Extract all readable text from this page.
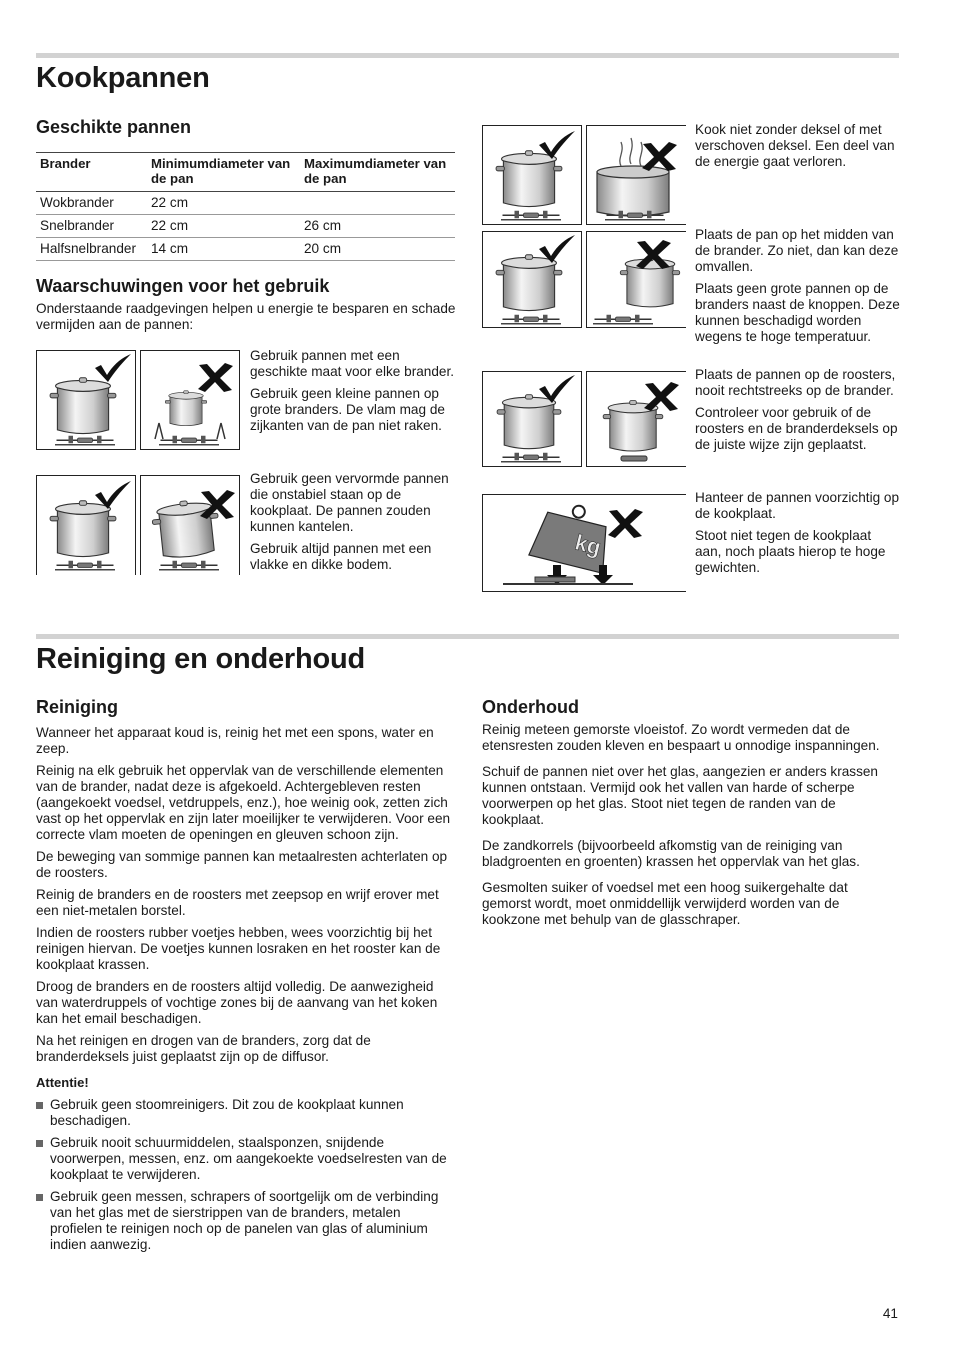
Kookpannen
Geschikte pannen
Brander	Minimumdiameter van de pan	Maximumdiameter van de pan
Wokbrander	22 cm	
Snelbrander	22 cm	26 cm
Halfsnelbrander	14 cm	20 cm
Waarschuwingen voor het gebruik

Onderstaande raadgevingen helpen u energie te besparen en schade vermijden aan de pannen:

Gebruik pannen met een geschikte maat voor elke brander.

Gebruik geen kleine pannen op grote branders. De vlam mag de zijkanten van de pan niet raken.

Gebruik geen vervormde pannen die onstabiel staan op de kookplaat. De pannen zouden kunnen kantelen.

Gebruik altijd pannen met een vlakke en dikke bodem.

Kook niet zonder deksel of met verschoven deksel. Een deel van de energie gaat verloren.

Plaats de pan op het midden van de brander. Zo niet, dan kan deze omvallen.

Plaats geen grote pannen op de branders naast de knoppen. Deze kunnen beschadigd worden wegens te hoge temperatuur.

Plaats de pannen op de roosters, nooit rechtstreeks op de brander.

Controleer voor gebruik of de roosters en de branderdeksels op de juiste wijze zijn geplaatst.

kg

Hanteer de pannen voorzichtig op de kookplaat.

Stoot niet tegen de kookplaat aan, noch plaats hierop te hoge gewichten.

Reiniging en onderhoud
Reiniging

Wanneer het apparaat koud is, reinig het met een spons, water en zeep.

Reinig na elk gebruik het oppervlak van de verschillende elementen van de brander, nadat deze is afgekoeld. Achtergebleven resten (aangekoekt voedsel, vetdruppels, enz.), hoe weinig ook, zetten zich vast op het oppervlak en zijn later moeilijker te verwijderen. Voor een correcte vlam moeten de openingen en gleuven schoon zijn.

De beweging van sommige pannen kan metaalresten achterlaten op de roosters.

Reinig de branders en de roosters met zeepsop en wrijf erover met een niet-metalen borstel.

Indien de roosters rubber voetjes hebben, wees voorzichtig bij het reinigen hiervan. De voetjes kunnen losraken en het rooster kan de kookplaat krassen.

Droog de branders en de roosters altijd volledig. De aanwezigheid van waterdruppels of vochtige zones bij de aanvang van het koken kan het email beschadigen.

Na het reinigen en drogen van de branders, zorg dat de branderdeksels juist geplaatst zijn op de diffusor.

Attentie!
Gebruik geen stoomreinigers. Dit zou de kookplaat kunnen beschadigen.
Gebruik nooit schuurmiddelen, staalsponzen, snijdende voorwerpen, messen, enz. om aangekoekte voedselresten van de kookplaat te verwijderen.
Gebruik geen messen, schrapers of soortgelijk om de verbinding van het glas met de sierstrippen van de branders, metalen profielen te reinigen noch op de panelen van glas of aluminium indien aanwezig.
Onderhoud

Reinig meteen gemorste vloeistof. Zo wordt vermeden dat de etensresten zouden kleven en bespaart u onnodige inspanningen.

Schuif de pannen niet over het glas, aangezien er anders krassen kunnen ontstaan. Vermijd ook het vallen van harde of scherpe voorwerpen op het glas. Stoot niet tegen de randen van de kookplaat.

De zandkorrels (bijvoorbeeld afkomstig van de reiniging van bladgroenten en groenten) krassen het oppervlak van het glas.

Gesmolten suiker of voedsel met een hoog suikergehalte dat gemorst wordt, moet onmiddellijk verwijderd worden van de kookzone met behulp van de glasschraper.

41
